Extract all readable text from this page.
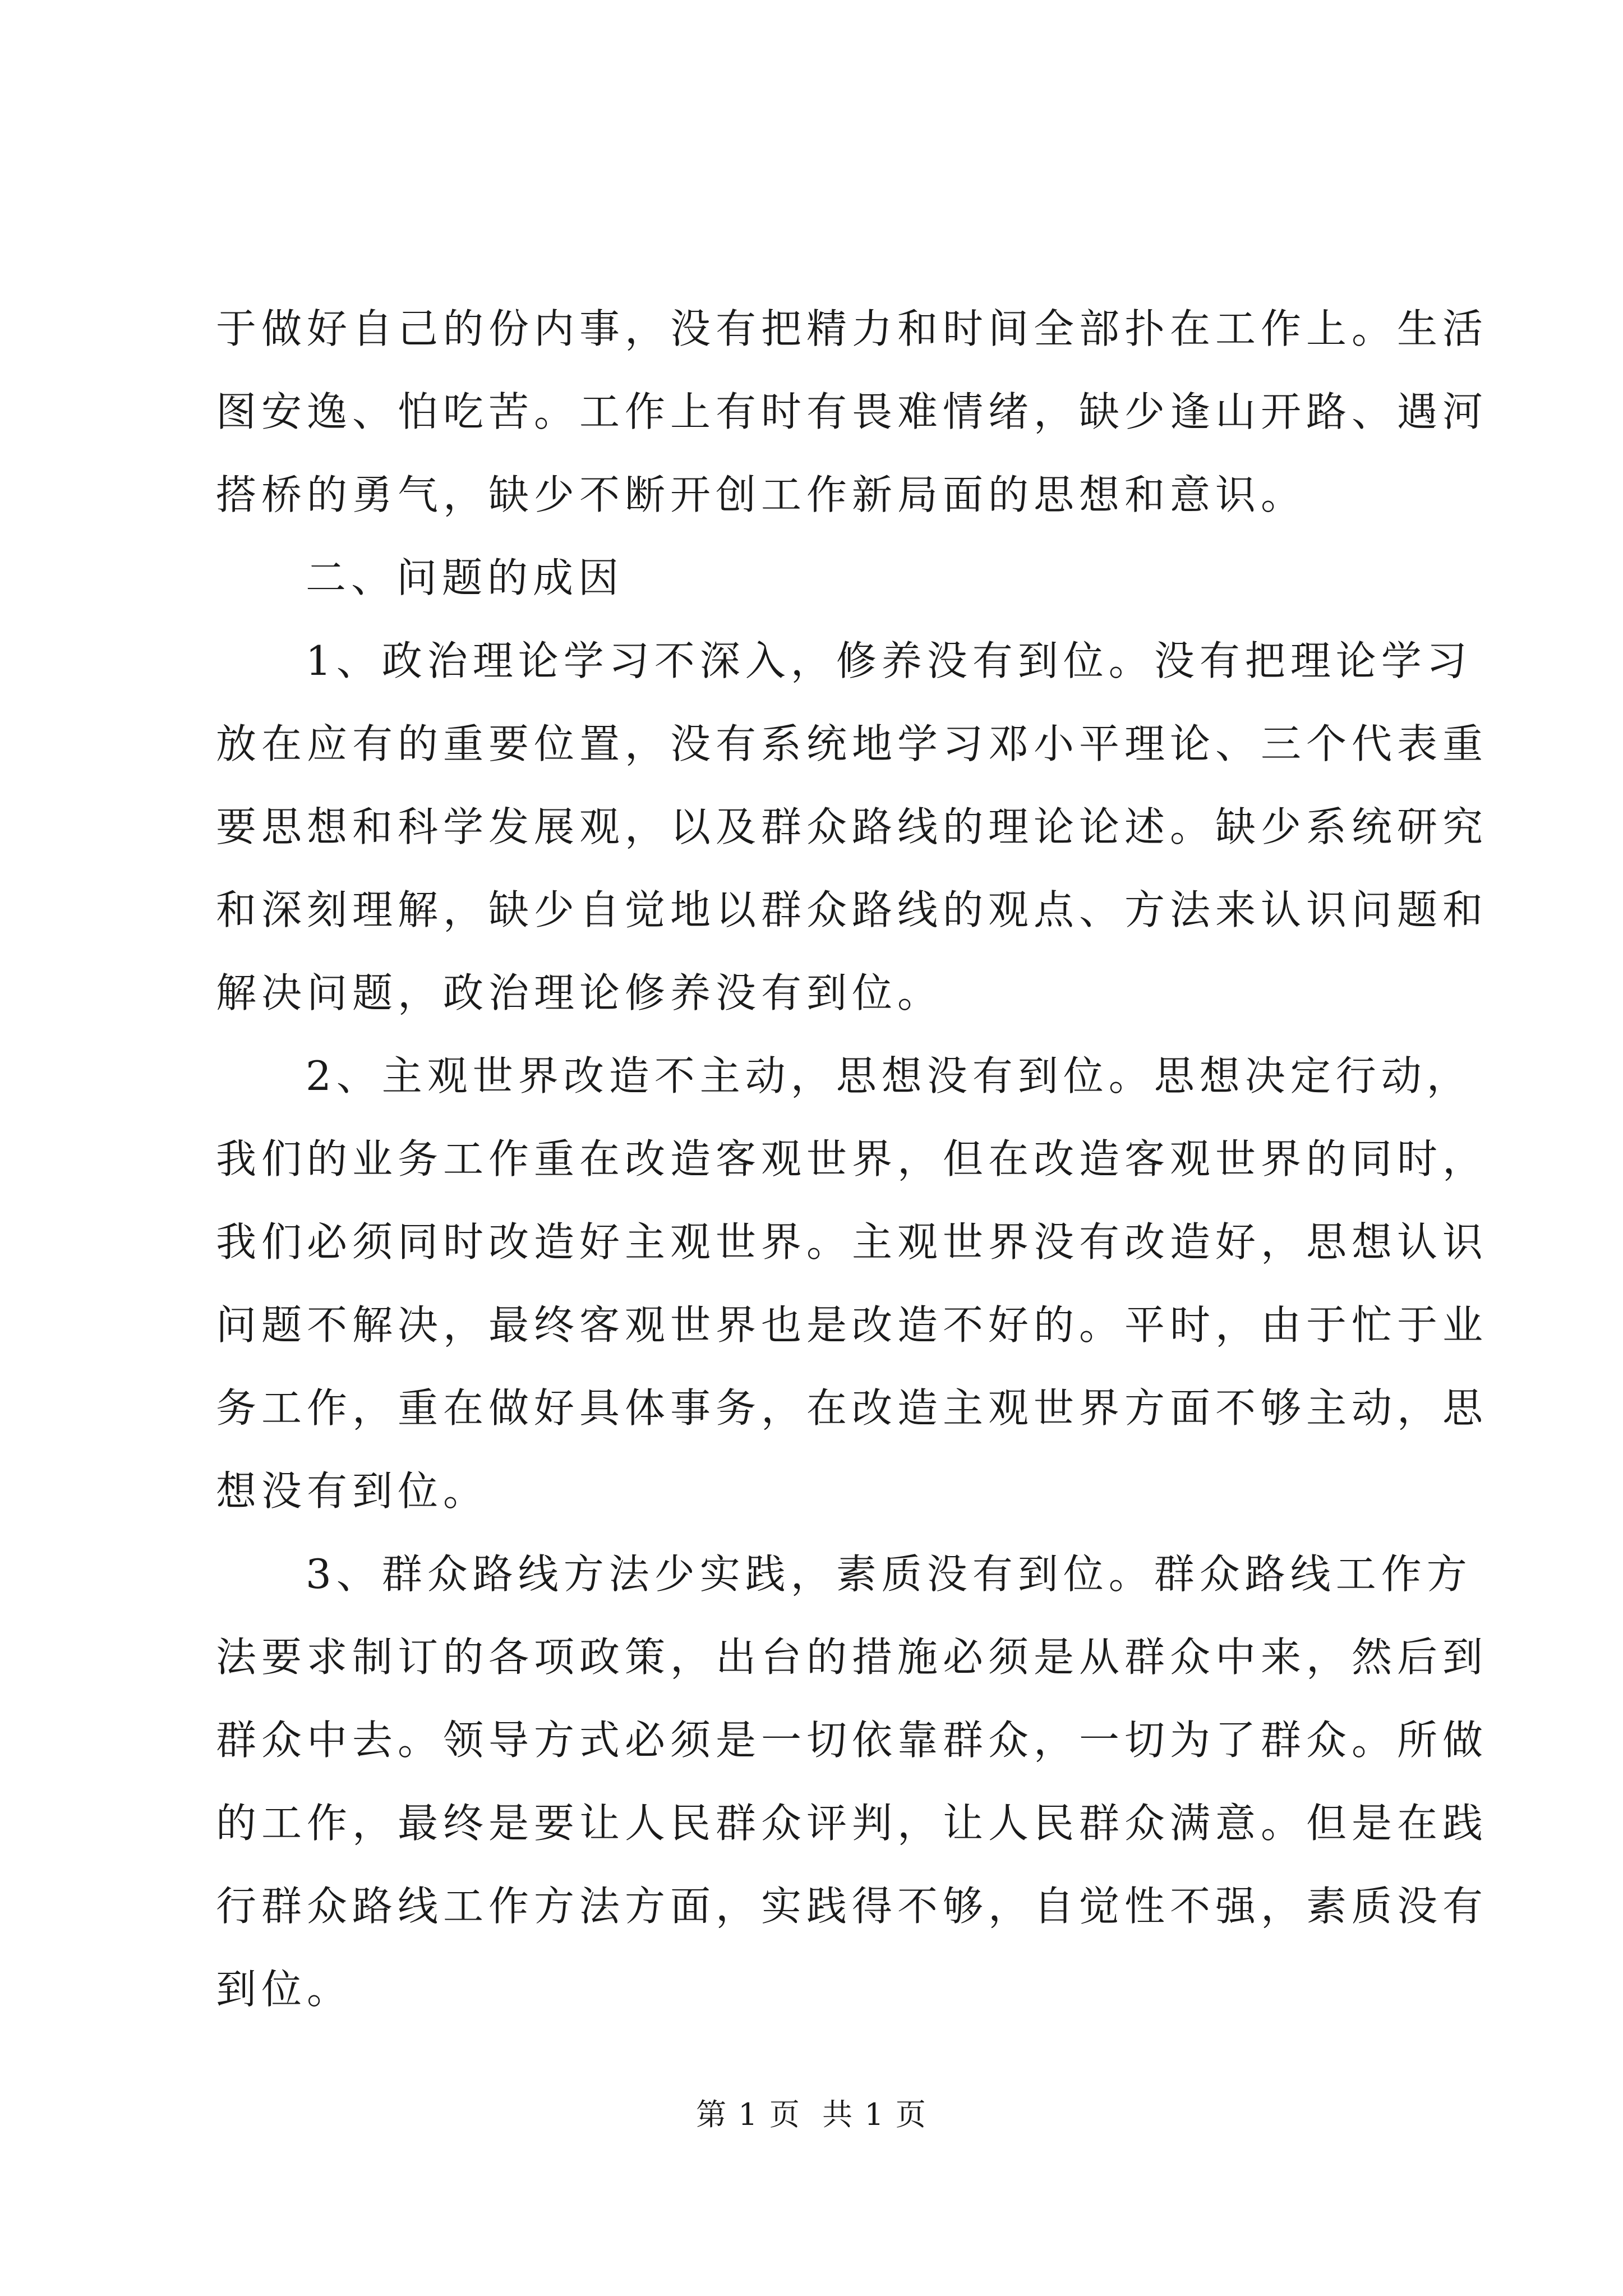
于做好自己的份内事，没有把精力和时间全部扑在工作上。生活
图安逸、怕吃苦。工作上有时有畏难情绪，缺少逢山开路、遇河
搭桥的勇气，缺少不断开创工作新局面的思想和意识。
二、问题的成因
1、政治理论学习不深入，修养没有到位。没有把理论学习
放在应有的重要位置，没有系统地学习邓小平理论、三个代表重
要思想和科学发展观，以及群众路线的理论论述。缺少系统研究
和深刻理解，缺少自觉地以群众路线的观点、方法来认识问题和
解决问题，政治理论修养没有到位。
2、主观世界改造不主动，思想没有到位。思想决定行动，
我们的业务工作重在改造客观世界，但在改造客观世界的同时，
我们必须同时改造好主观世界。主观世界没有改造好，思想认识
问题不解决，最终客观世界也是改造不好的。平时，由于忙于业
务工作，重在做好具体事务，在改造主观世界方面不够主动，思
想没有到位。
3、群众路线方法少实践，素质没有到位。群众路线工作方
法要求制订的各项政策，出台的措施必须是从群众中来，然后到
群众中去。领导方式必须是一切依靠群众，一切为了群众。所做
的工作，最终是要让人民群众评判，让人民群众满意。但是在践
行群众路线工作方法方面，实践得不够，自觉性不强，素质没有
到位。
第 1 页  共 1 页
